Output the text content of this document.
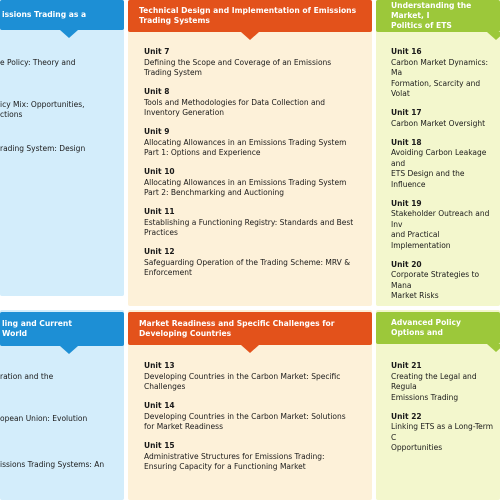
issions Trading as a
e Policy: Theory and
icy Mix: Opportunities,
ctions
rading System: Design
ling and Current
World
ration and the
opean Union: Evolution
issions Trading Systems: An
Technical Design and Implementation of Emissions
Trading Systems
Unit 7
Defining the Scope and Coverage of an Emissions
Trading System
Unit 8
Tools and Methodologies for Data Collection and
Inventory Generation
Unit 9
Allocating Allowances in an Emissions Trading System
Part 1: Options and Experience
Unit 10
Allocating Allowances in an Emissions Trading System
Part 2: Benchmarking and Auctioning
Unit 11
Establishing a Functioning Registry: Standards and Best
Practices
Unit 12
Safeguarding Operation of the Trading Scheme: MRV &
Enforcement
Market Readiness and Specific Challenges for
Developing Countries
Unit 13
Developing Countries in the Carbon Market: Specific
Challenges
Unit 14
Developing Countries in the Carbon Market: Solutions
for Market Readiness
Unit 15
Administrative Structures for Emissions Trading:
Ensuring Capacity for a Functioning Market
Understanding the Market, I
Politics of ETS
Unit 16
Carbon Market Dynamics: Ma
Formation, Scarcity and Volat
Unit 17
Carbon Market Oversight
Unit 18
Avoiding Carbon Leakage and
ETS Design and the Influence
Unit 19
Stakeholder Outreach and Inv
and Practical Implementation
Unit 20
Corporate Strategies to Mana
Market Risks
Advanced Policy Options and
Unit 21
Creating the Legal and Regula
Emissions Trading
Unit 22
Linking ETS as a Long-Term C
Opportunities
